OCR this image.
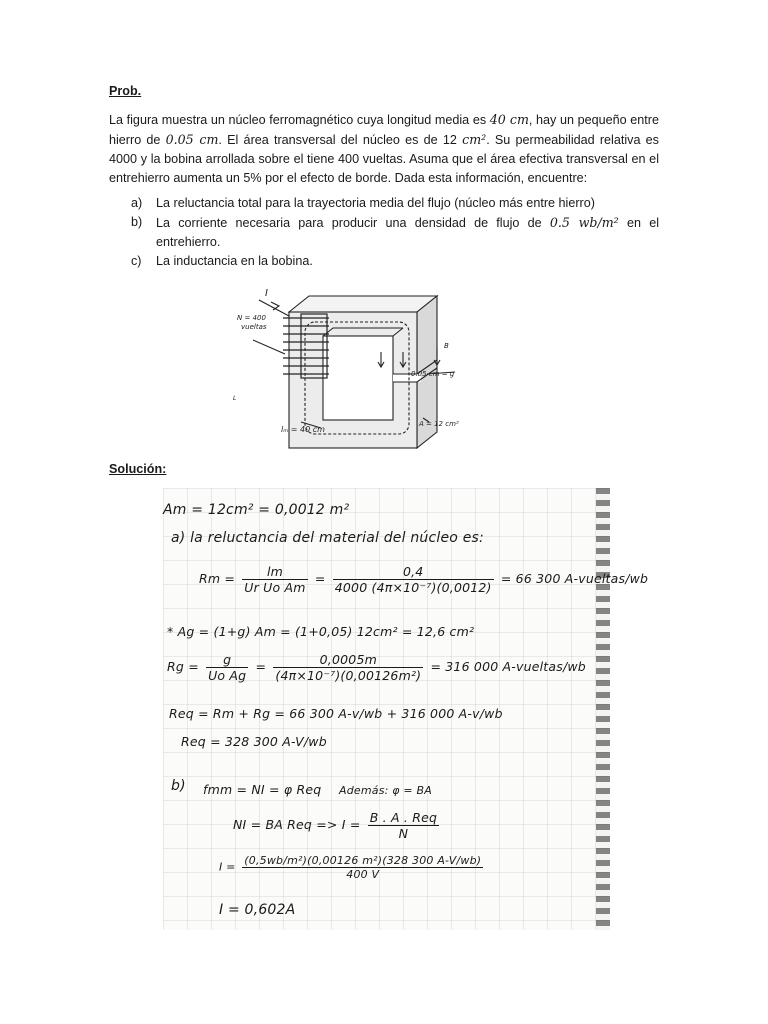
Prob.

La figura muestra un núcleo ferromagnético cuya longitud media es 40 cm, hay un pequeño entre hierro de 0.05 cm. El área transversal del núcleo es de 12 cm². Su permeabilidad relativa es 4000 y la bobina arrollada sobre el tiene 400 vueltas. Asuma que el área efectiva transversal en el entrehierro aumenta un 5% por el efecto de borde. Dada esta información, encuentre:

a) La reluctancia total para la trayectoria media del flujo (núcleo más entre hierro)
b) La corriente necesaria para producir una densidad de flujo de 0.5 wb/m² en el entrehierro.
c) La inductancia en la bobina.
I
N = 400
vueltas
B
0.05 cm = g
A = 12 cm²
lₘ = 40 cm
L

Solución:

Am = 12cm² = 0,0012 m²
a) la reluctancia del material del núcleo es:
$Rm = \frac{lm}{\text{Ur Uo Am}} = \frac{0,4}{\text{4000 (4π×10⁻⁷)(0,0012)}} = 66$ 300 A-vueltas/wb
* Ag = (1+g) Am = (1+0,05) 12cm² = 12,6 cm²
$Rg = \frac{g}{\text{Uo Ag}} = \frac{0,0005m}{\text{(4π×10⁻⁷)(0,00126m²)}} = 316$ 000 A-vueltas/wb
Req = Rm + Rg = 66 300 A-v/wb + 316 000 A-v/wb
Req = 328 300 A-V/wb
b) fmm = NI = φ Req Además: φ = BA
NI = BA Req => $I = \frac{\text{B . A . Req}}{N}$
$I = \frac{\text{(0,5wb/m²)(0,00126 m²)(328 300 A-V/wb)}}{400 V}$
I = 0,602A
